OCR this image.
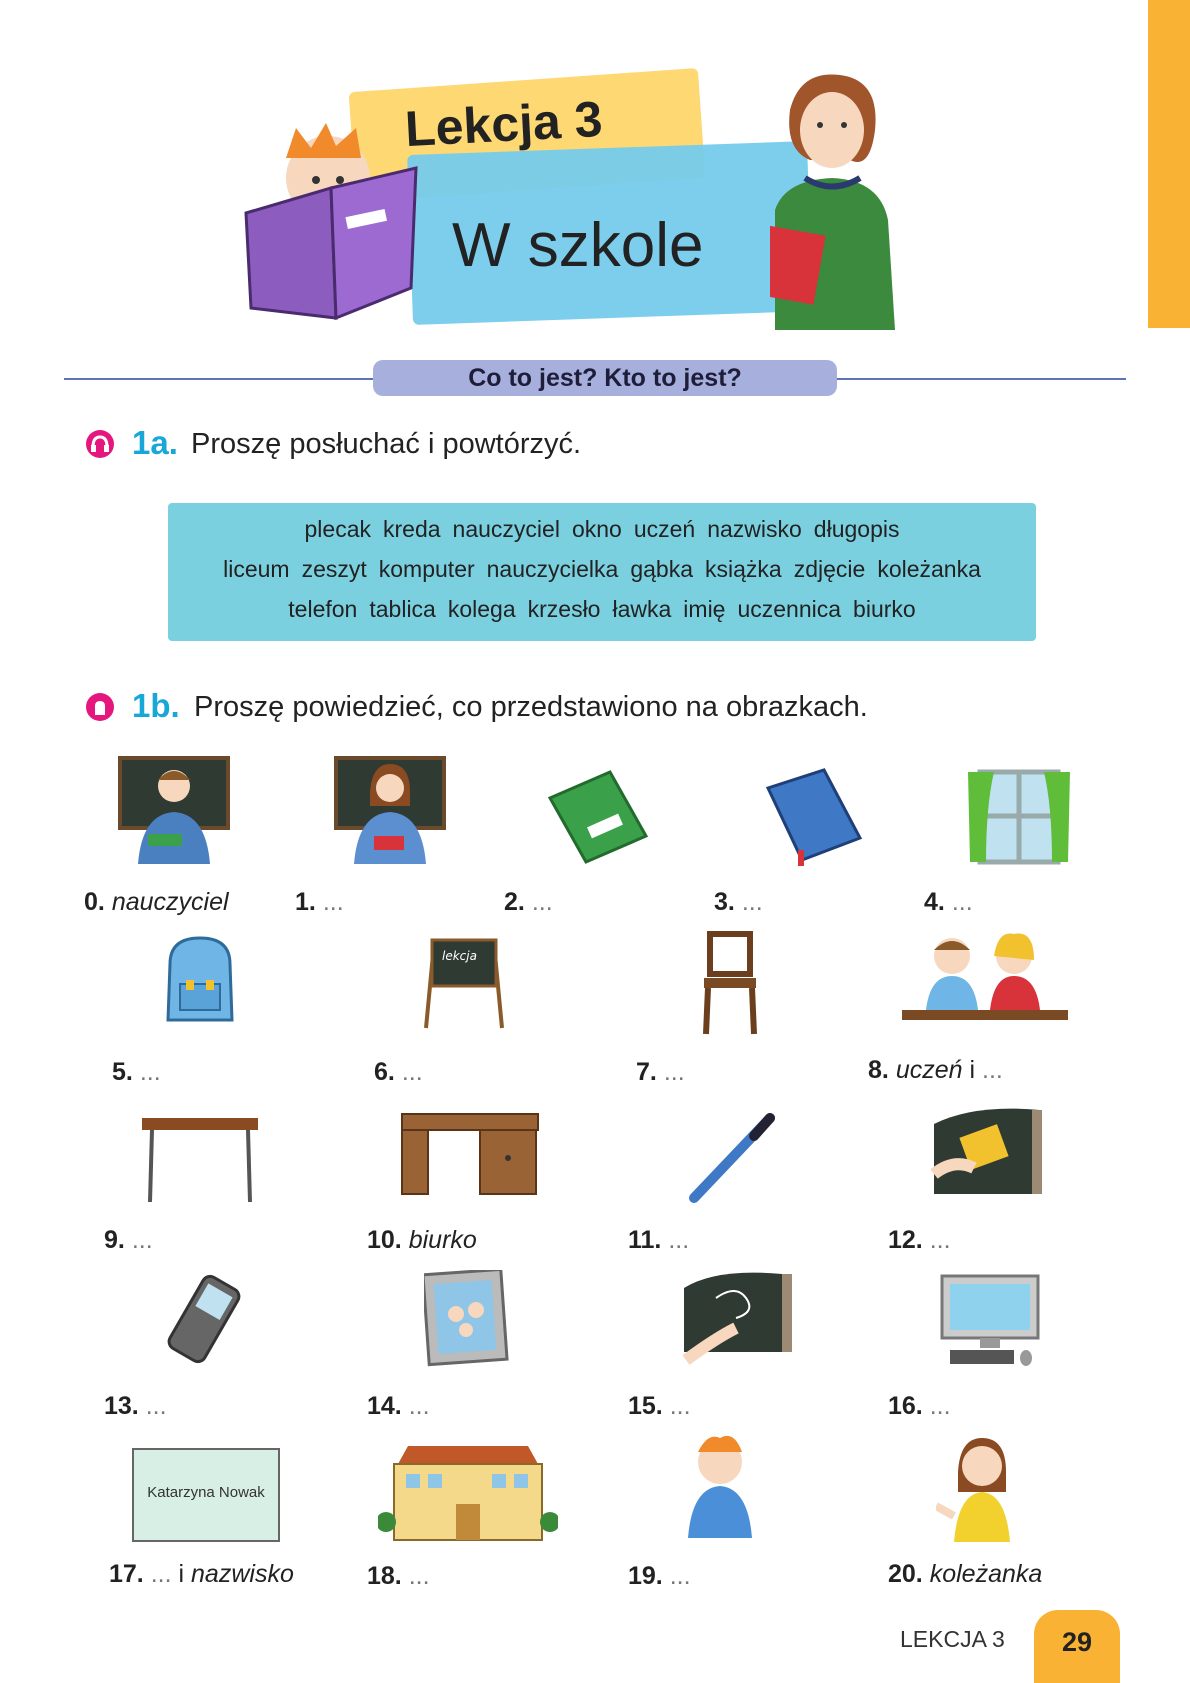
Lekcja 3
W szkole
Co to jest? Kto to jest?
1a. Proszę posłuchać i powtórzyć.
plecak kreda nauczyciel okno uczeń nazwisko długopis
liceum zeszyt komputer nauczycielka gąbka książka zdjęcie koleżanka
telefon tablica kolega krzesło ławka imię uczennica biurko
1b. Proszę powiedzieć, co przedstawiono na obrazkach.
0. nauczyciel	1. ...	2. ...	3. ...	4. ...
lekcja
5. ...	6. ...	7. ...	8. uczeń i ...
9. ...	10. biurko	11. ...	12. ...
13. ...	14. ...	15. ...	16. ...
Katarzyna Nowak
17. ... i nazwisko	18. ...	19. ...	20. koleżanka
LEKCJA 3	29
